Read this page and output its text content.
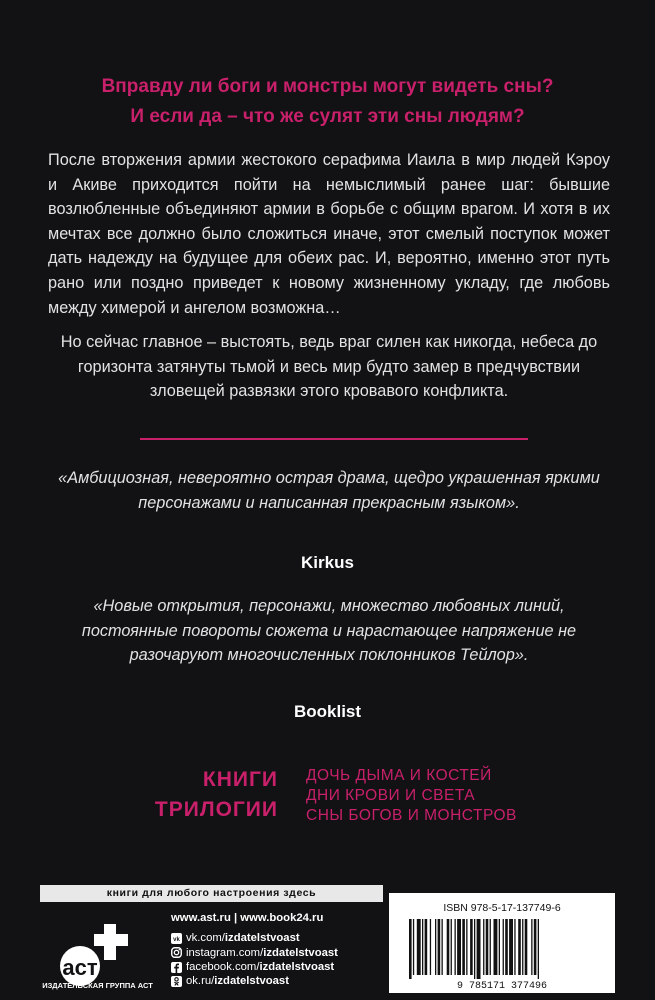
Вправду ли боги и монстры могут видеть сны?
И если да – что же сулят эти сны людям?
После вторжения армии жестокого серафима Иаила в мир людей Кэроу и Акиве приходится пойти на немыслимый ранее шаг: бывшие возлюбленные объединяют армии в борьбе с общим врагом. И хотя в их мечтах все должно было сложиться иначе, этот смелый поступок может дать надежду на будущее для обеих рас. И, вероятно, именно этот путь рано или поздно приведет к новому жизненному укладу, где любовь между химерой и ангелом возможна…
Но сейчас главное – выстоять, ведь враг силен как никогда, небеса до горизонта затянуты тьмой и весь мир будто замер в предчувствии зловещей развязки этого кровавого конфликта.
«Амбициозная, невероятно острая драма, щедро украшенная яркими персонажами и написанная прекрасным языком».
Kirkus
«Новые открытия, персонажи, множество любовных линий, постоянные повороты сюжета и нарастающее напряжение не разочаруют многочисленных поклонников Тейлор».
Booklist
КНИГИ
ТРИЛОГИИ
ДОЧЬ ДЫМА И КОСТЕЙ
ДНИ КРОВИ И СВЕТА
СНЫ БОГОВ И МОНСТРОВ
книги для любого настроения здесь
аст
ИЗДАТЕЛЬСКАЯ ГРУППА АСТ
www.ast.ru | www.book24.ru
vk vk.com/ izdatelstvoast
instagram.com/ izdatelstvoast
facebook.com/ izdatelstvoast
ok.ru/ izdatelstvoast
ISBN 978-5-17-137749-6
9 785171 377496
